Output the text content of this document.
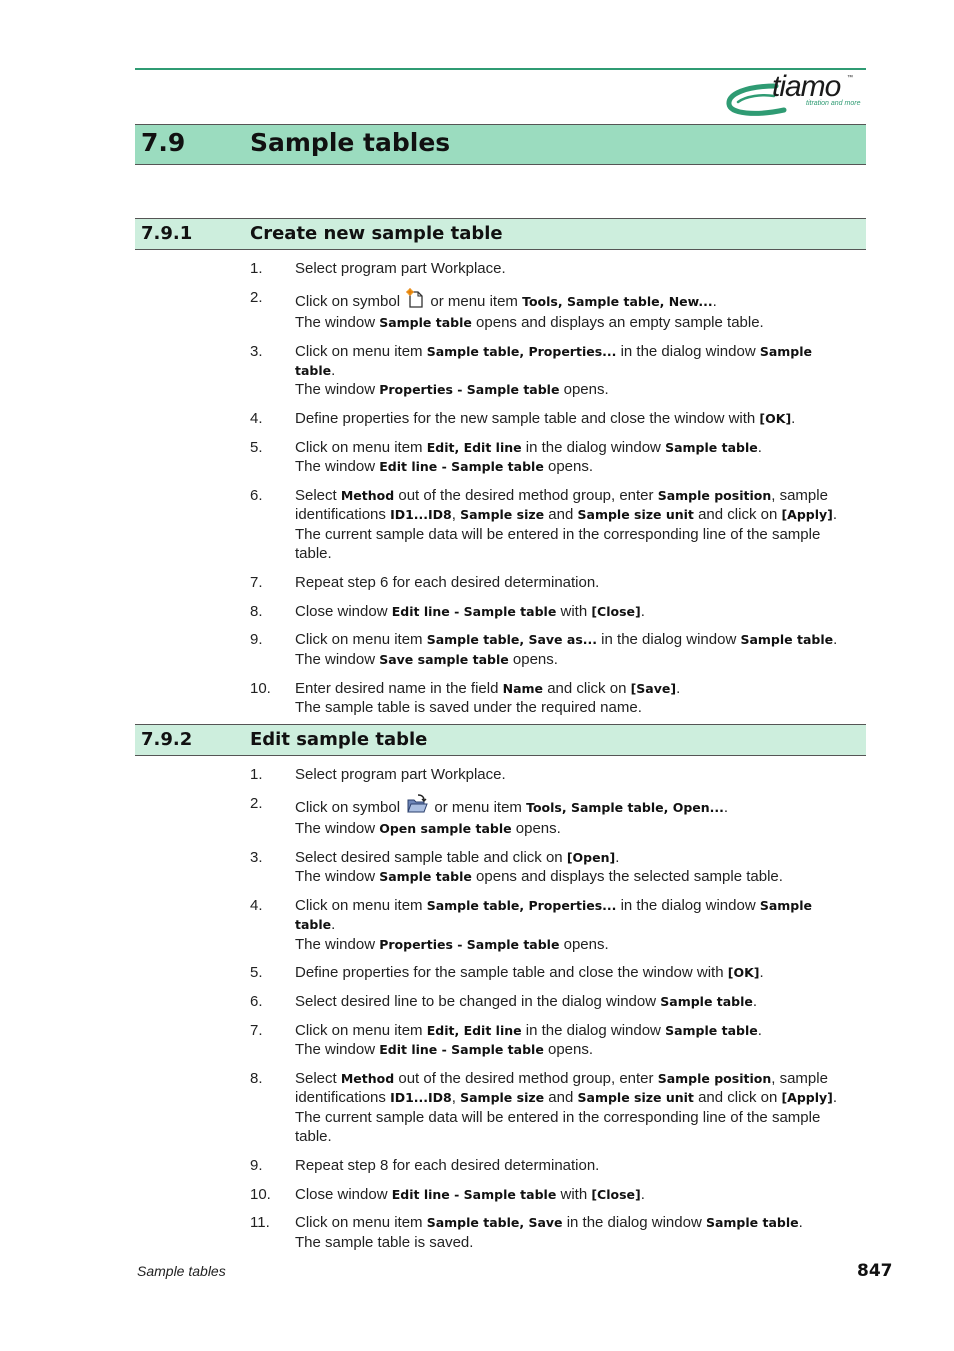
tiamo ™
titration and more
7.9	Sample tables
7.9.1	Create new sample table
1. Select program part Workplace.
2. Click on symbol  or menu item Tools, Sample table, New....
The window Sample table opens and displays an empty sample table.
3. Click on menu item Sample table, Properties... in the dialog window Sample table.
The window Properties - Sample table opens.
4. Define properties for the new sample table and close the window with [OK].
5. Click on menu item Edit, Edit line in the dialog window Sample table.
The window Edit line - Sample table opens.
6. Select Method out of the desired method group, enter Sample position, sample
identifications ID1...ID8, Sample size and Sample size unit and click on [Apply].
The current sample data will be entered in the corresponding line of the sample
table.
7. Repeat step 6 for each desired determination.
8. Close window Edit line - Sample table with [Close].
9. Click on menu item Sample table, Save as... in the dialog window Sample table.
The window Save sample table opens.
10. Enter desired name in the field Name and click on [Save].
The sample table is saved under the required name.
7.9.2	Edit sample table
1. Select program part Workplace.
2. Click on symbol  or menu item Tools, Sample table, Open....
The window Open sample table opens.
3. Select desired sample table and click on [Open].
The window Sample table opens and displays the selected sample table.
4. Click on menu item Sample table, Properties... in the dialog window Sample table.
The window Properties - Sample table opens.
5. Define properties for the sample table and close the window with [OK].
6. Select desired line to be changed in the dialog window Sample table.
7. Click on menu item Edit, Edit line in the dialog window Sample table.
The window Edit line - Sample table opens.
8. Select Method out of the desired method group, enter Sample position, sample
identifications ID1...ID8, Sample size and Sample size unit and click on [Apply].
The current sample data will be entered in the corresponding line of the sample
table.
9. Repeat step 8 for each desired determination.
10. Close window Edit line - Sample table with [Close].
11. Click on menu item Sample table, Save in the dialog window Sample table.
The sample table is saved.
Sample tables	847
